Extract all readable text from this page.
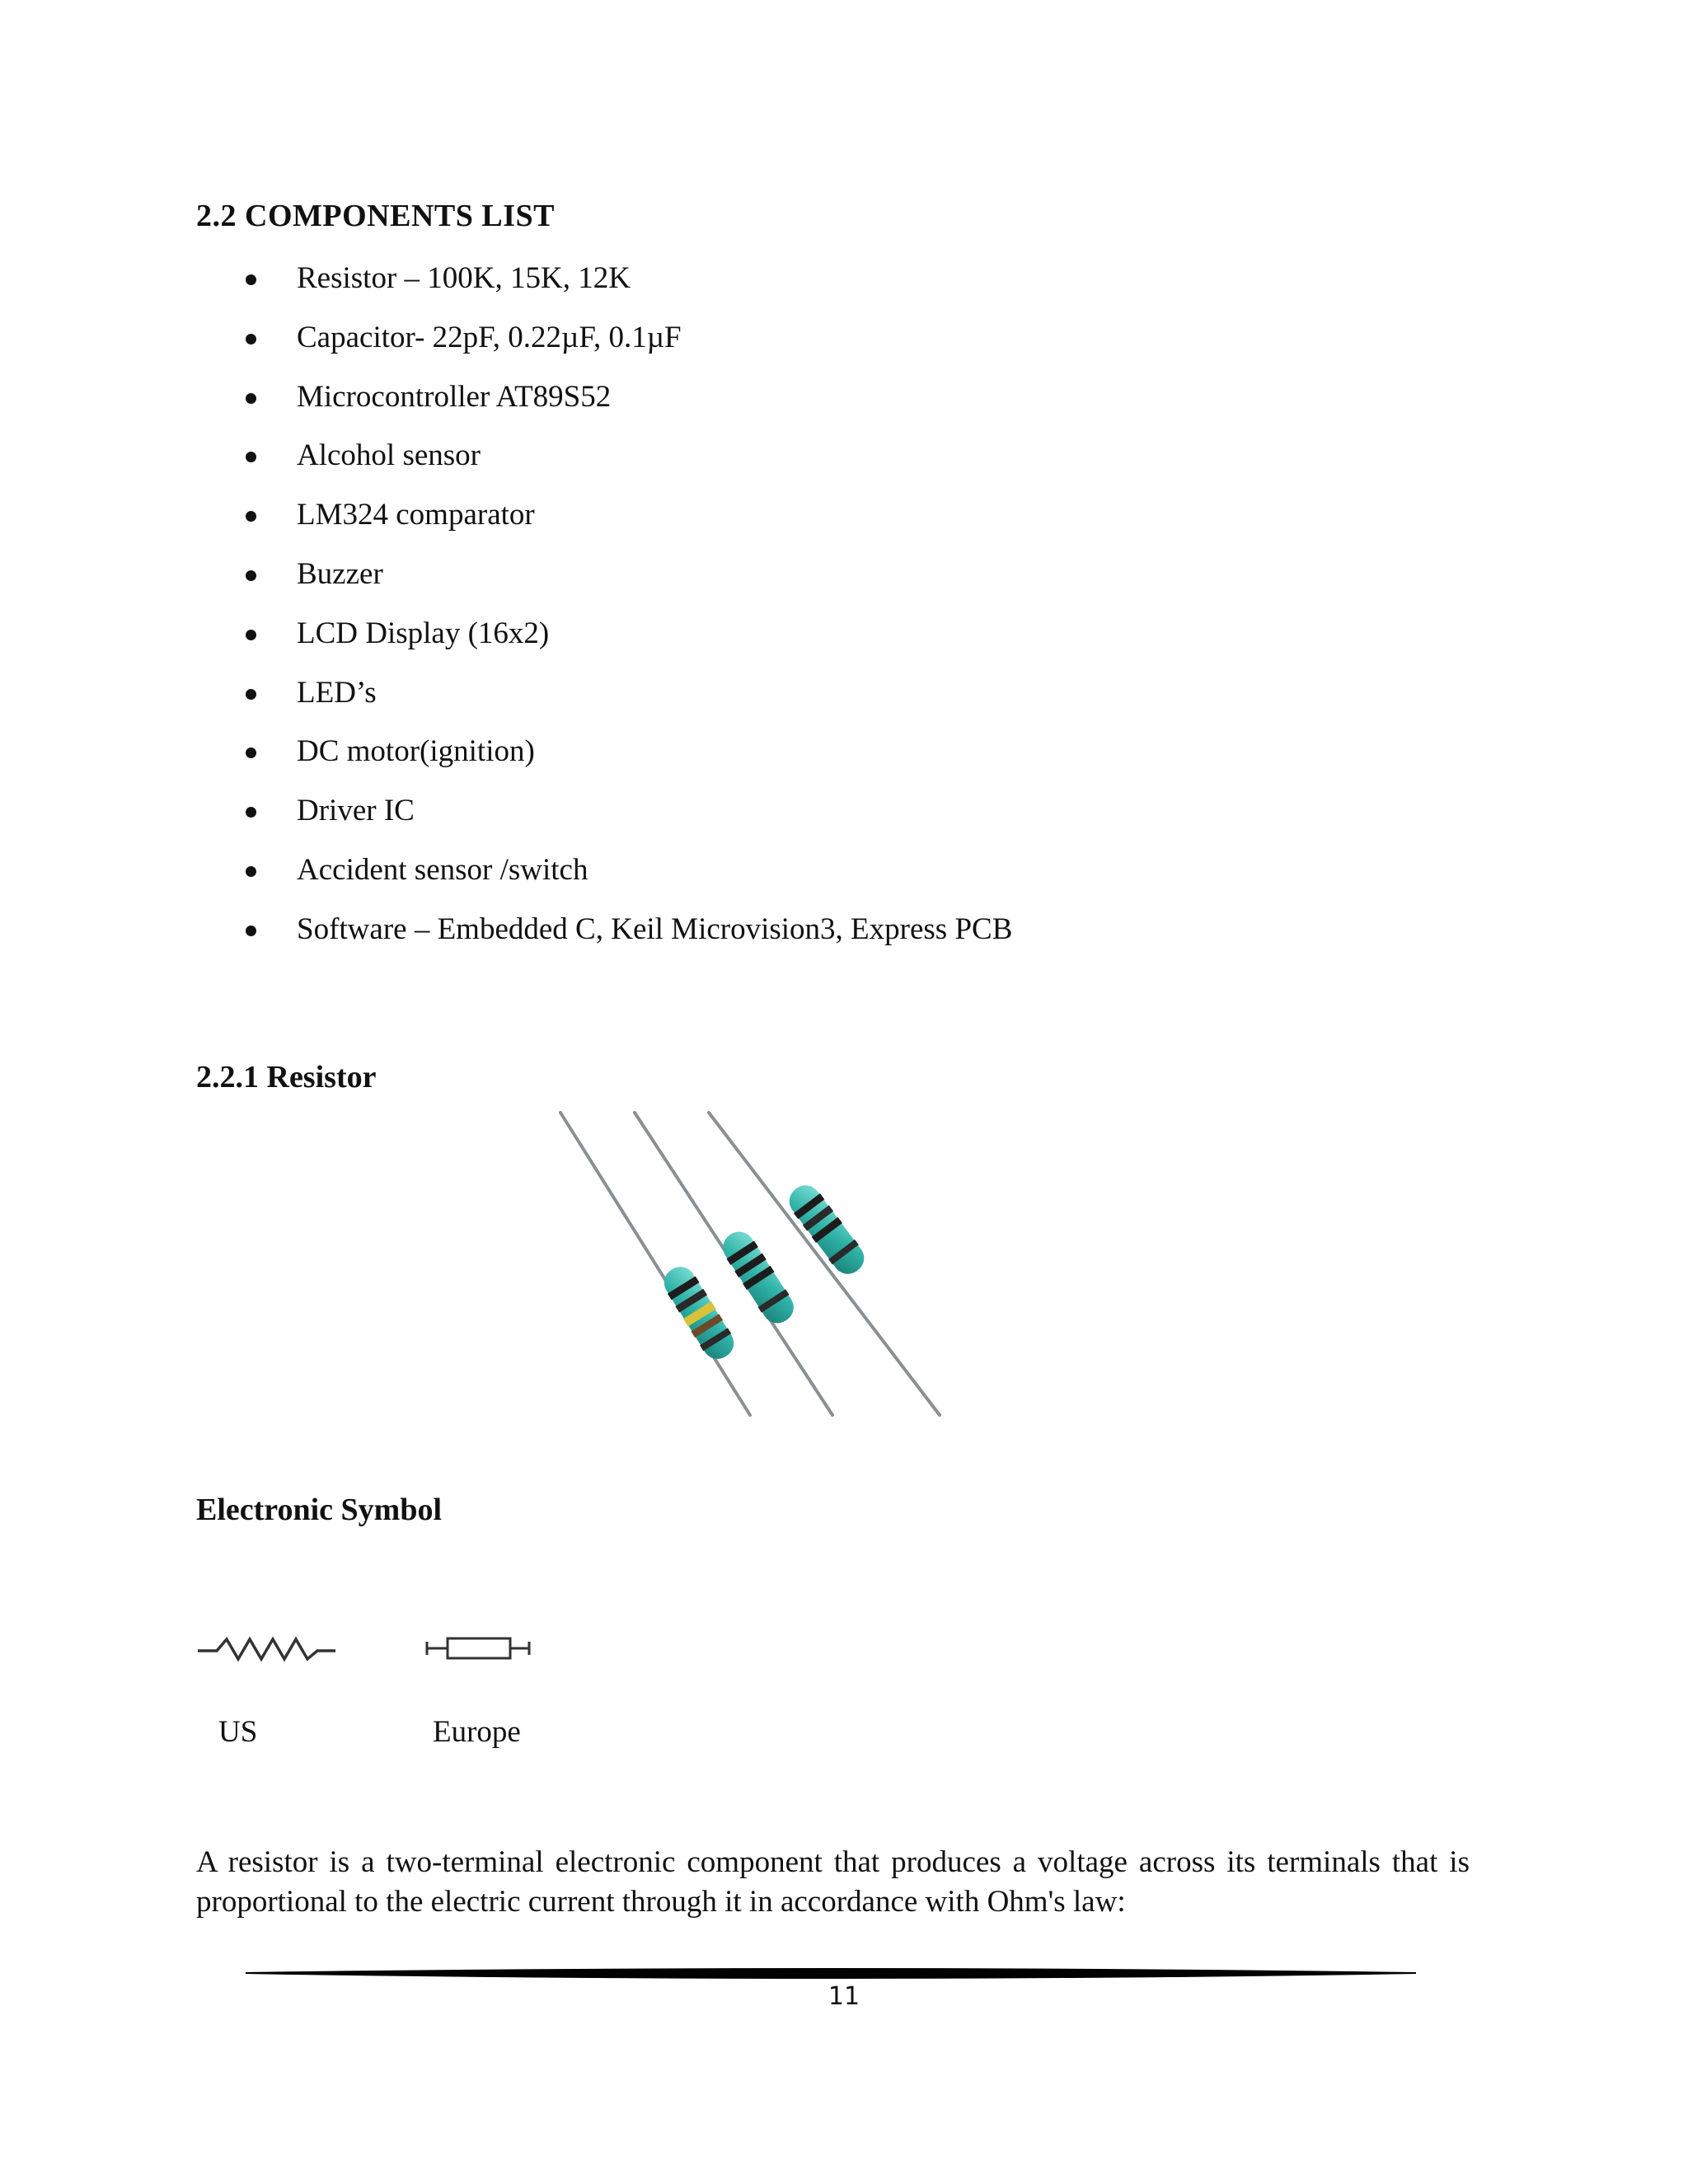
2.2 COMPONENTS LIST
Resistor – 100K, 15K, 12K
Capacitor- 22pF, 0.22µF, 0.1µF
Microcontroller AT89S52
Alcohol sensor
LM324 comparator
Buzzer
LCD Display (16x2)
LED’s
DC motor(ignition)
Driver IC
Accident sensor /switch
Software – Embedded C, Keil Microvision3, Express PCB
2.2.1 Resistor
Electronic Symbol

US	Europe

A resistor is a two-terminal electronic component that produces a voltage across its terminals that is proportional to the electric current through it in accordance with Ohm's law:

11
